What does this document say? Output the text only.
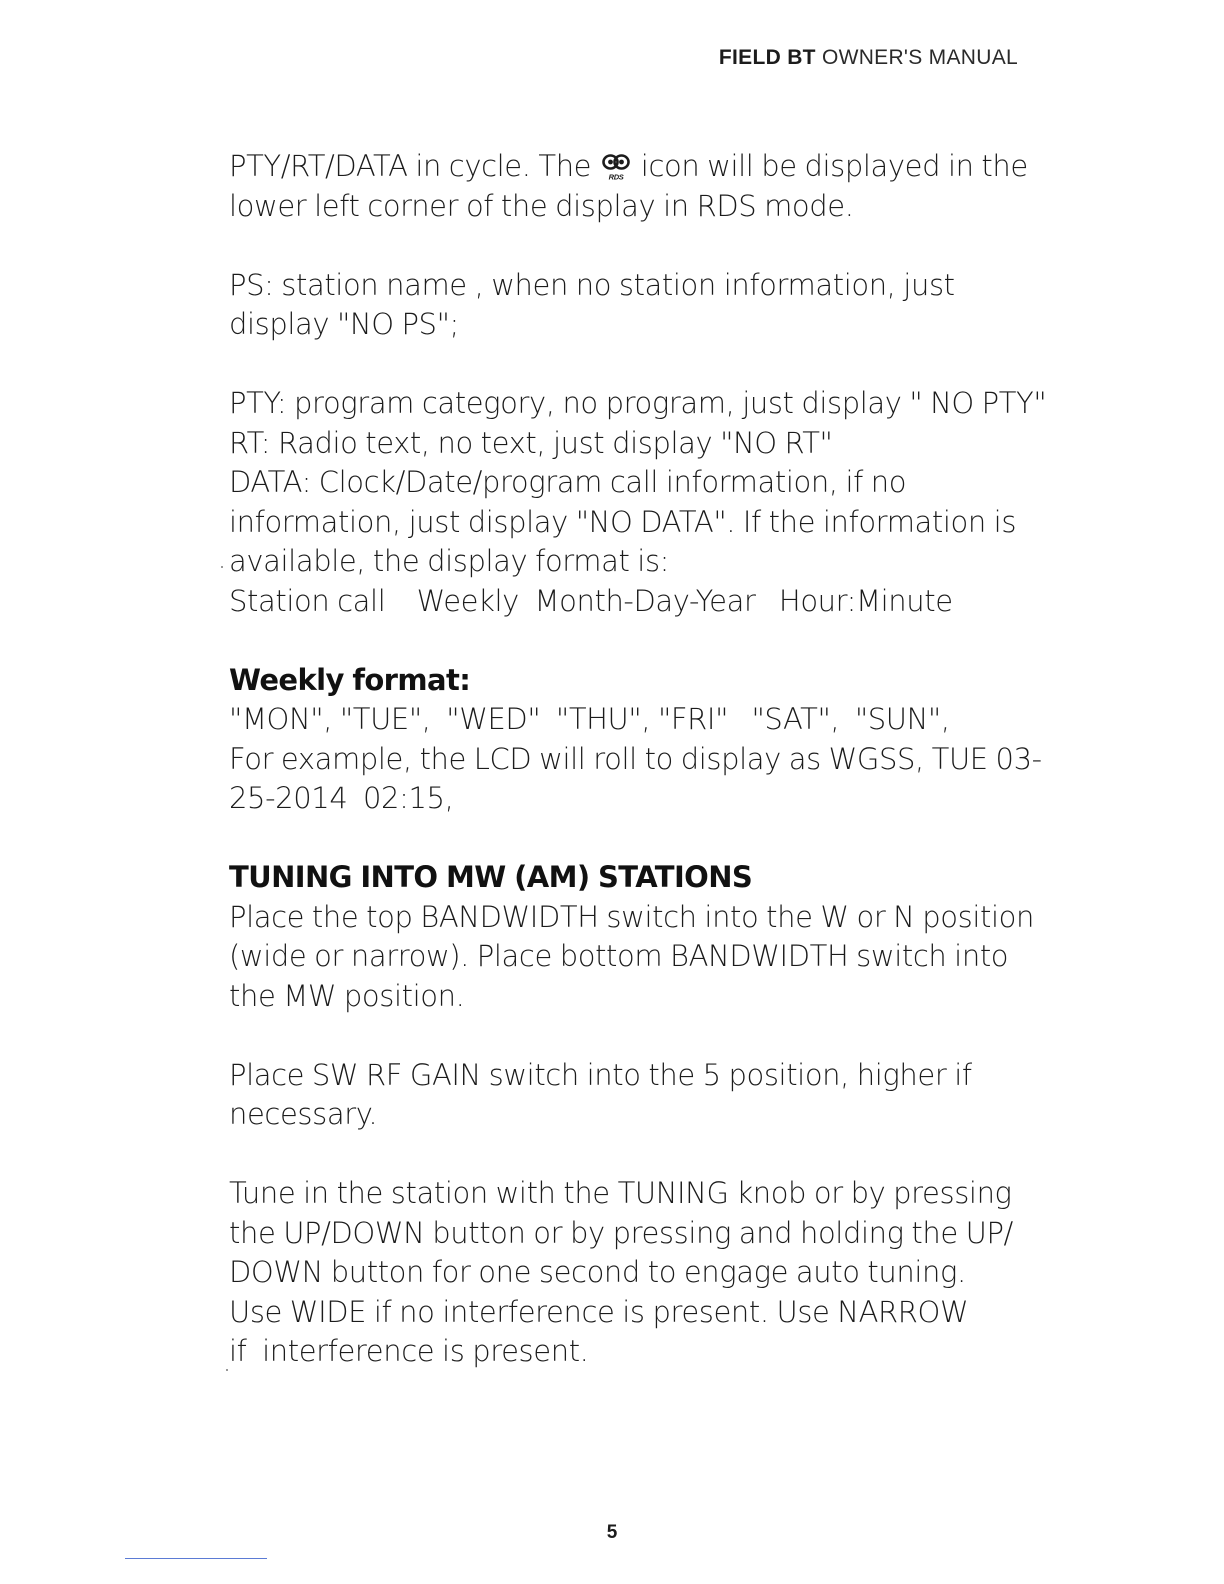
FIELD BT OWNER'S MANUAL
PTY/RT/DATA in cycle. The RDS icon will be displayed in the
lower left corner of the display in RDS mode.
PS: station name , when no station information, just
display "NO PS";
PTY: program category, no program, just display " NO PTY"
RT: Radio text, no text, just display "NO RT"
DATA: Clock/Date/program call information, if no
information, just display "NO DATA". If the information is
available, the display format is:
Station call    Weekly  Month-Day-Year   Hour:Minute
Weekly format:
"MON", "TUE",  "WED"  "THU", "FRI"   "SAT",  "SUN",
For example, the LCD will roll to display as WGSS, TUE 03-
25-2014  02:15,
TUNING INTO MW (AM) STATIONS
Place the top BANDWIDTH switch into the W or N position
(wide or narrow). Place bottom BANDWIDTH switch into
the MW position.
Place SW RF GAIN switch into the 5 position, higher if
necessary.
Tune in the station with the TUNING knob or by pressing
the UP/DOWN button or by pressing and holding the UP/
DOWN button for one second to engage auto tuning.
Use WIDE if no interference is present. Use NARROW
if  interference is present.
5
